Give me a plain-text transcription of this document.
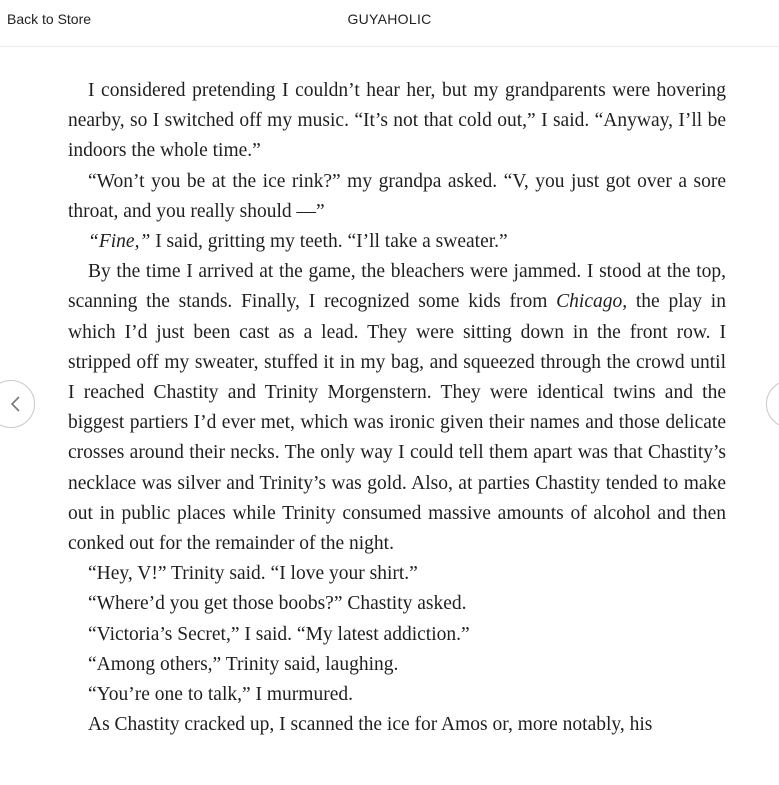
Back to Store	GUYAHOLIC

I considered pretending I couldn’t hear her, but my grandparents were hovering nearby, so I switched off my music. “It’s not that cold out,” I said. “Anyway, I’ll be indoors the whole time.”

“Won’t you be at the ice rink?” my grandpa asked. “V, you just got over a sore throat, and you really should —”

“Fine,” I said, gritting my teeth. “I’ll take a sweater.”

By the time I arrived at the game, the bleachers were jammed. I stood at the top, scanning the stands. Finally, I recognized some kids from Chicago, the play in which I’d just been cast as a lead. They were sitting down in the front row. I stripped off my sweater, stuffed it in my bag, and squeezed through the crowd until I reached Chastity and Trinity Morgenstern. They were identical twins and the biggest partiers I’d ever met, which was ironic given their names and those delicate crosses around their necks. The only way I could tell them apart was that Chastity’s necklace was silver and Trinity’s was gold. Also, at parties Chastity tended to make out in public places while Trinity consumed massive amounts of alcohol and then conked out for the remainder of the night.

“Hey, V!” Trinity said. “I love your shirt.”

“Where’d you get those boobs?” Chastity asked.

“Victoria’s Secret,” I said. “My latest addiction.”

“Among others,” Trinity said, laughing.

“You’re one to talk,” I murmured.

As Chastity cracked up, I scanned the ice for Amos or, more notably, his
